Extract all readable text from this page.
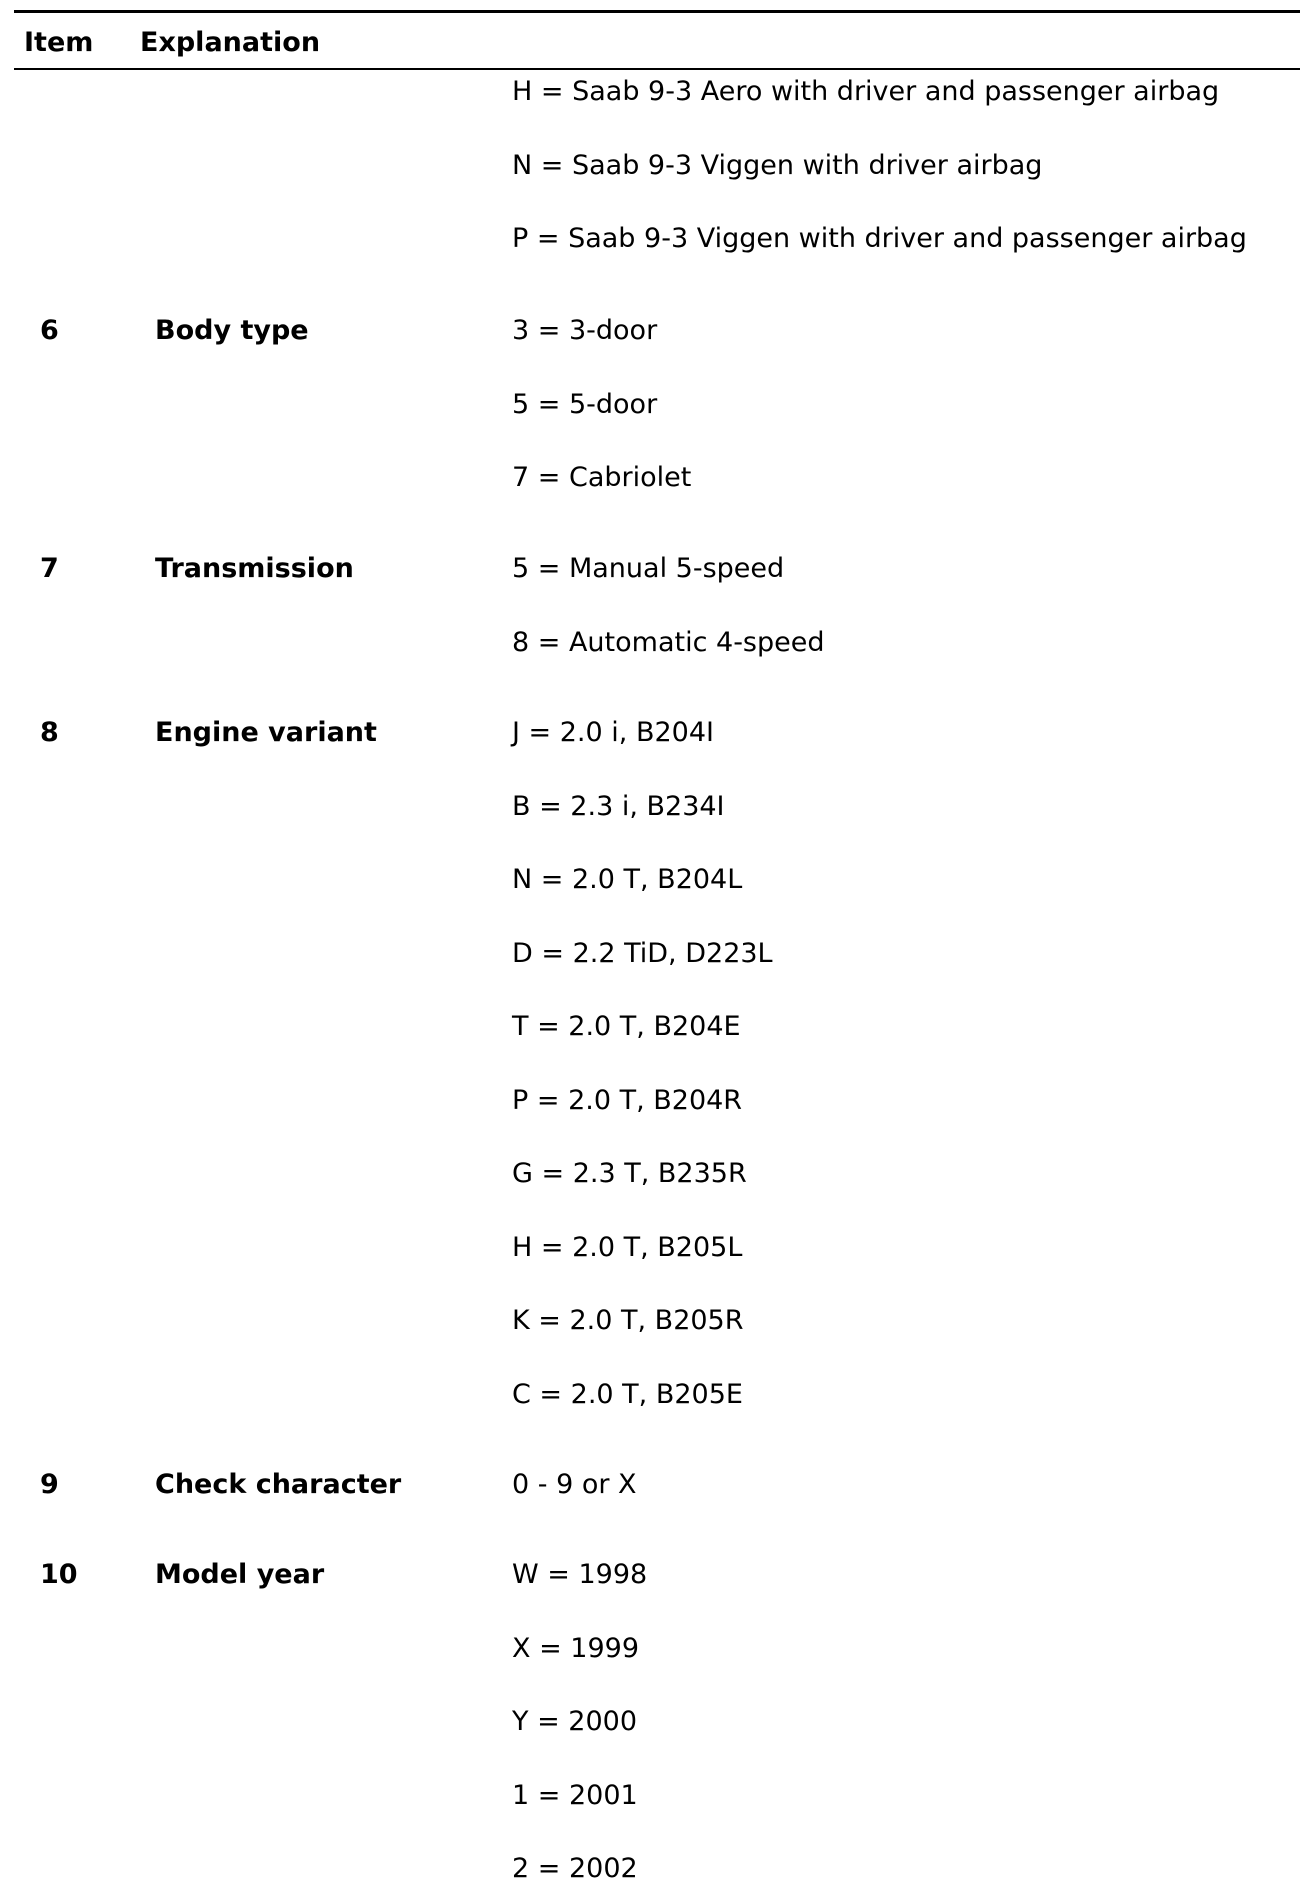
Item Explanation
H = Saab 9-3 Aero with driver and passenger airbag
N = Saab 9-3 Viggen with driver airbag
P = Saab 9-3 Viggen with driver and passenger airbag
6	Body type	3 = 3-door
5 = 5-door
7 = Cabriolet
7	Transmission	5 = Manual 5-speed
8 = Automatic 4-speed
8	Engine variant	J = 2.0 i, B204I
B = 2.3 i, B234I
N = 2.0 T, B204L
D = 2.2 TiD, D223L
T = 2.0 T, B204E
P = 2.0 T, B204R
G = 2.3 T, B235R
H = 2.0 T, B205L
K = 2.0 T, B205R
C = 2.0 T, B205E
9	Check character	0 - 9 or X
10	Model year	W = 1998
X = 1999
Y = 2000
1 = 2001
2 = 2002
